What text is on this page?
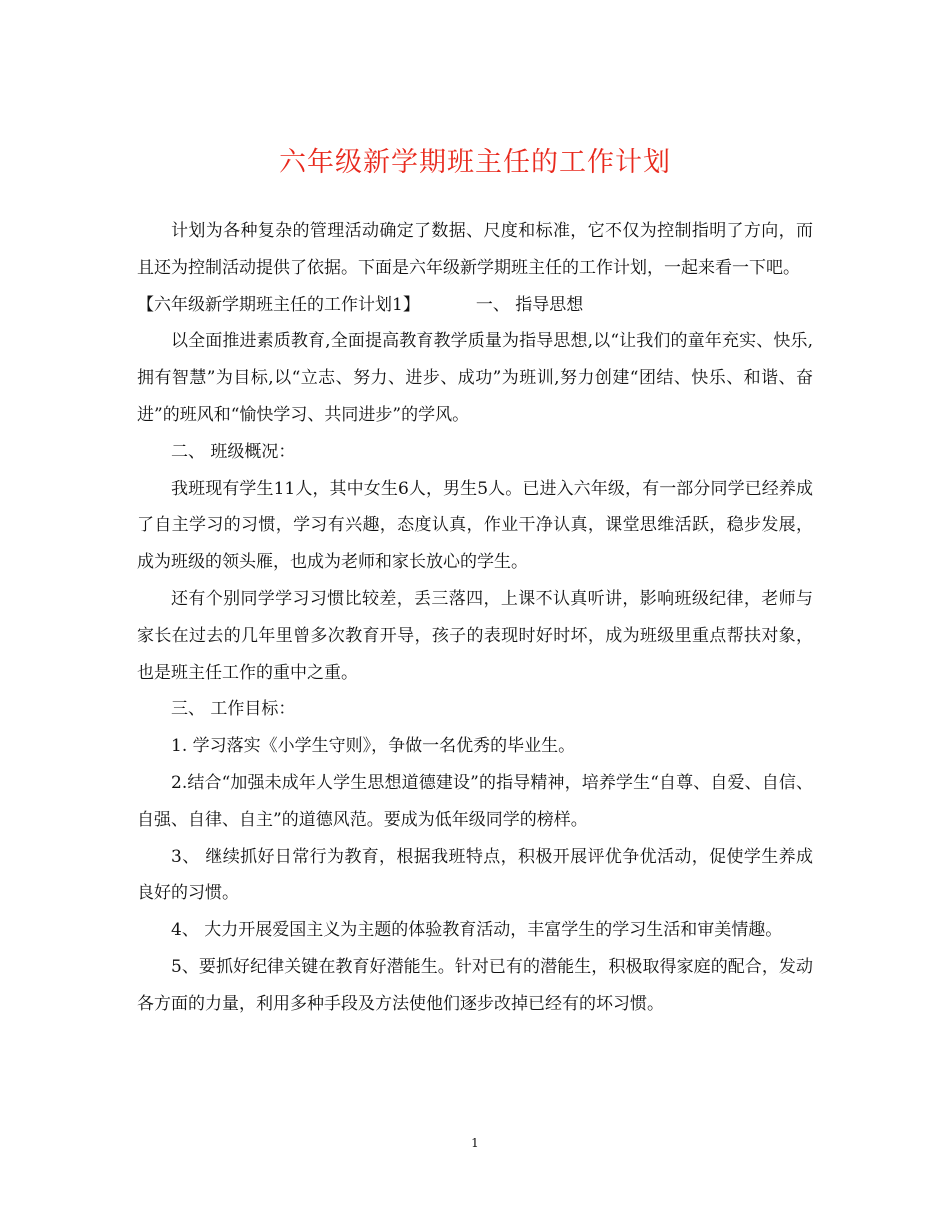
六年级新学期班主任的工作计划

计划为各种复杂的管理活动确定了数据、尺度和标准，它不仅为控制指明了方向，而且还为控制活动提供了依据。下面是六年级新学期班主任的工作计划，一起来看一下吧。

【六年级新学期班主任的工作计划1】	一、 指导思想

以全面推进素质教育,全面提高教育教学质量为指导思想,以“让我们的童年充实、快乐,拥有智慧”为目标,以“立志、努力、进步、成功”为班训,努力创建“团结、快乐、和谐、奋进”的班风和“愉快学习、共同进步”的学风。

二、 班级概况：

我班现有学生11人，其中女生6人，男生5人。已进入六年级，有一部分同学已经养成了自主学习的习惯，学习有兴趣，态度认真，作业干净认真，课堂思维活跃，稳步发展，成为班级的领头雁，也成为老师和家长放心的学生。

还有个别同学学习习惯比较差，丢三落四，上课不认真听讲，影响班级纪律，老师与家长在过去的几年里曾多次教育开导，孩子的表现时好时坏，成为班级里重点帮扶对象，也是班主任工作的重中之重。

三、 工作目标：

1. 学习落实《小学生守则》，争做一名优秀的毕业生。

2.结合“加强未成年人学生思想道德建设”的指导精神，培养学生“自尊、自爱、自信、自强、自律、自主”的道德风范。要成为低年级同学的榜样。

3、 继续抓好日常行为教育，根据我班特点，积极开展评优争优活动，促使学生养成良好的习惯。

4、 大力开展爱国主义为主题的体验教育活动，丰富学生的学习生活和审美情趣。

5、要抓好纪律关键在教育好潜能生。针对已有的潜能生，积极取得家庭的配合，发动各方面的力量，利用多种手段及方法使他们逐步改掉已经有的坏习惯。

1
